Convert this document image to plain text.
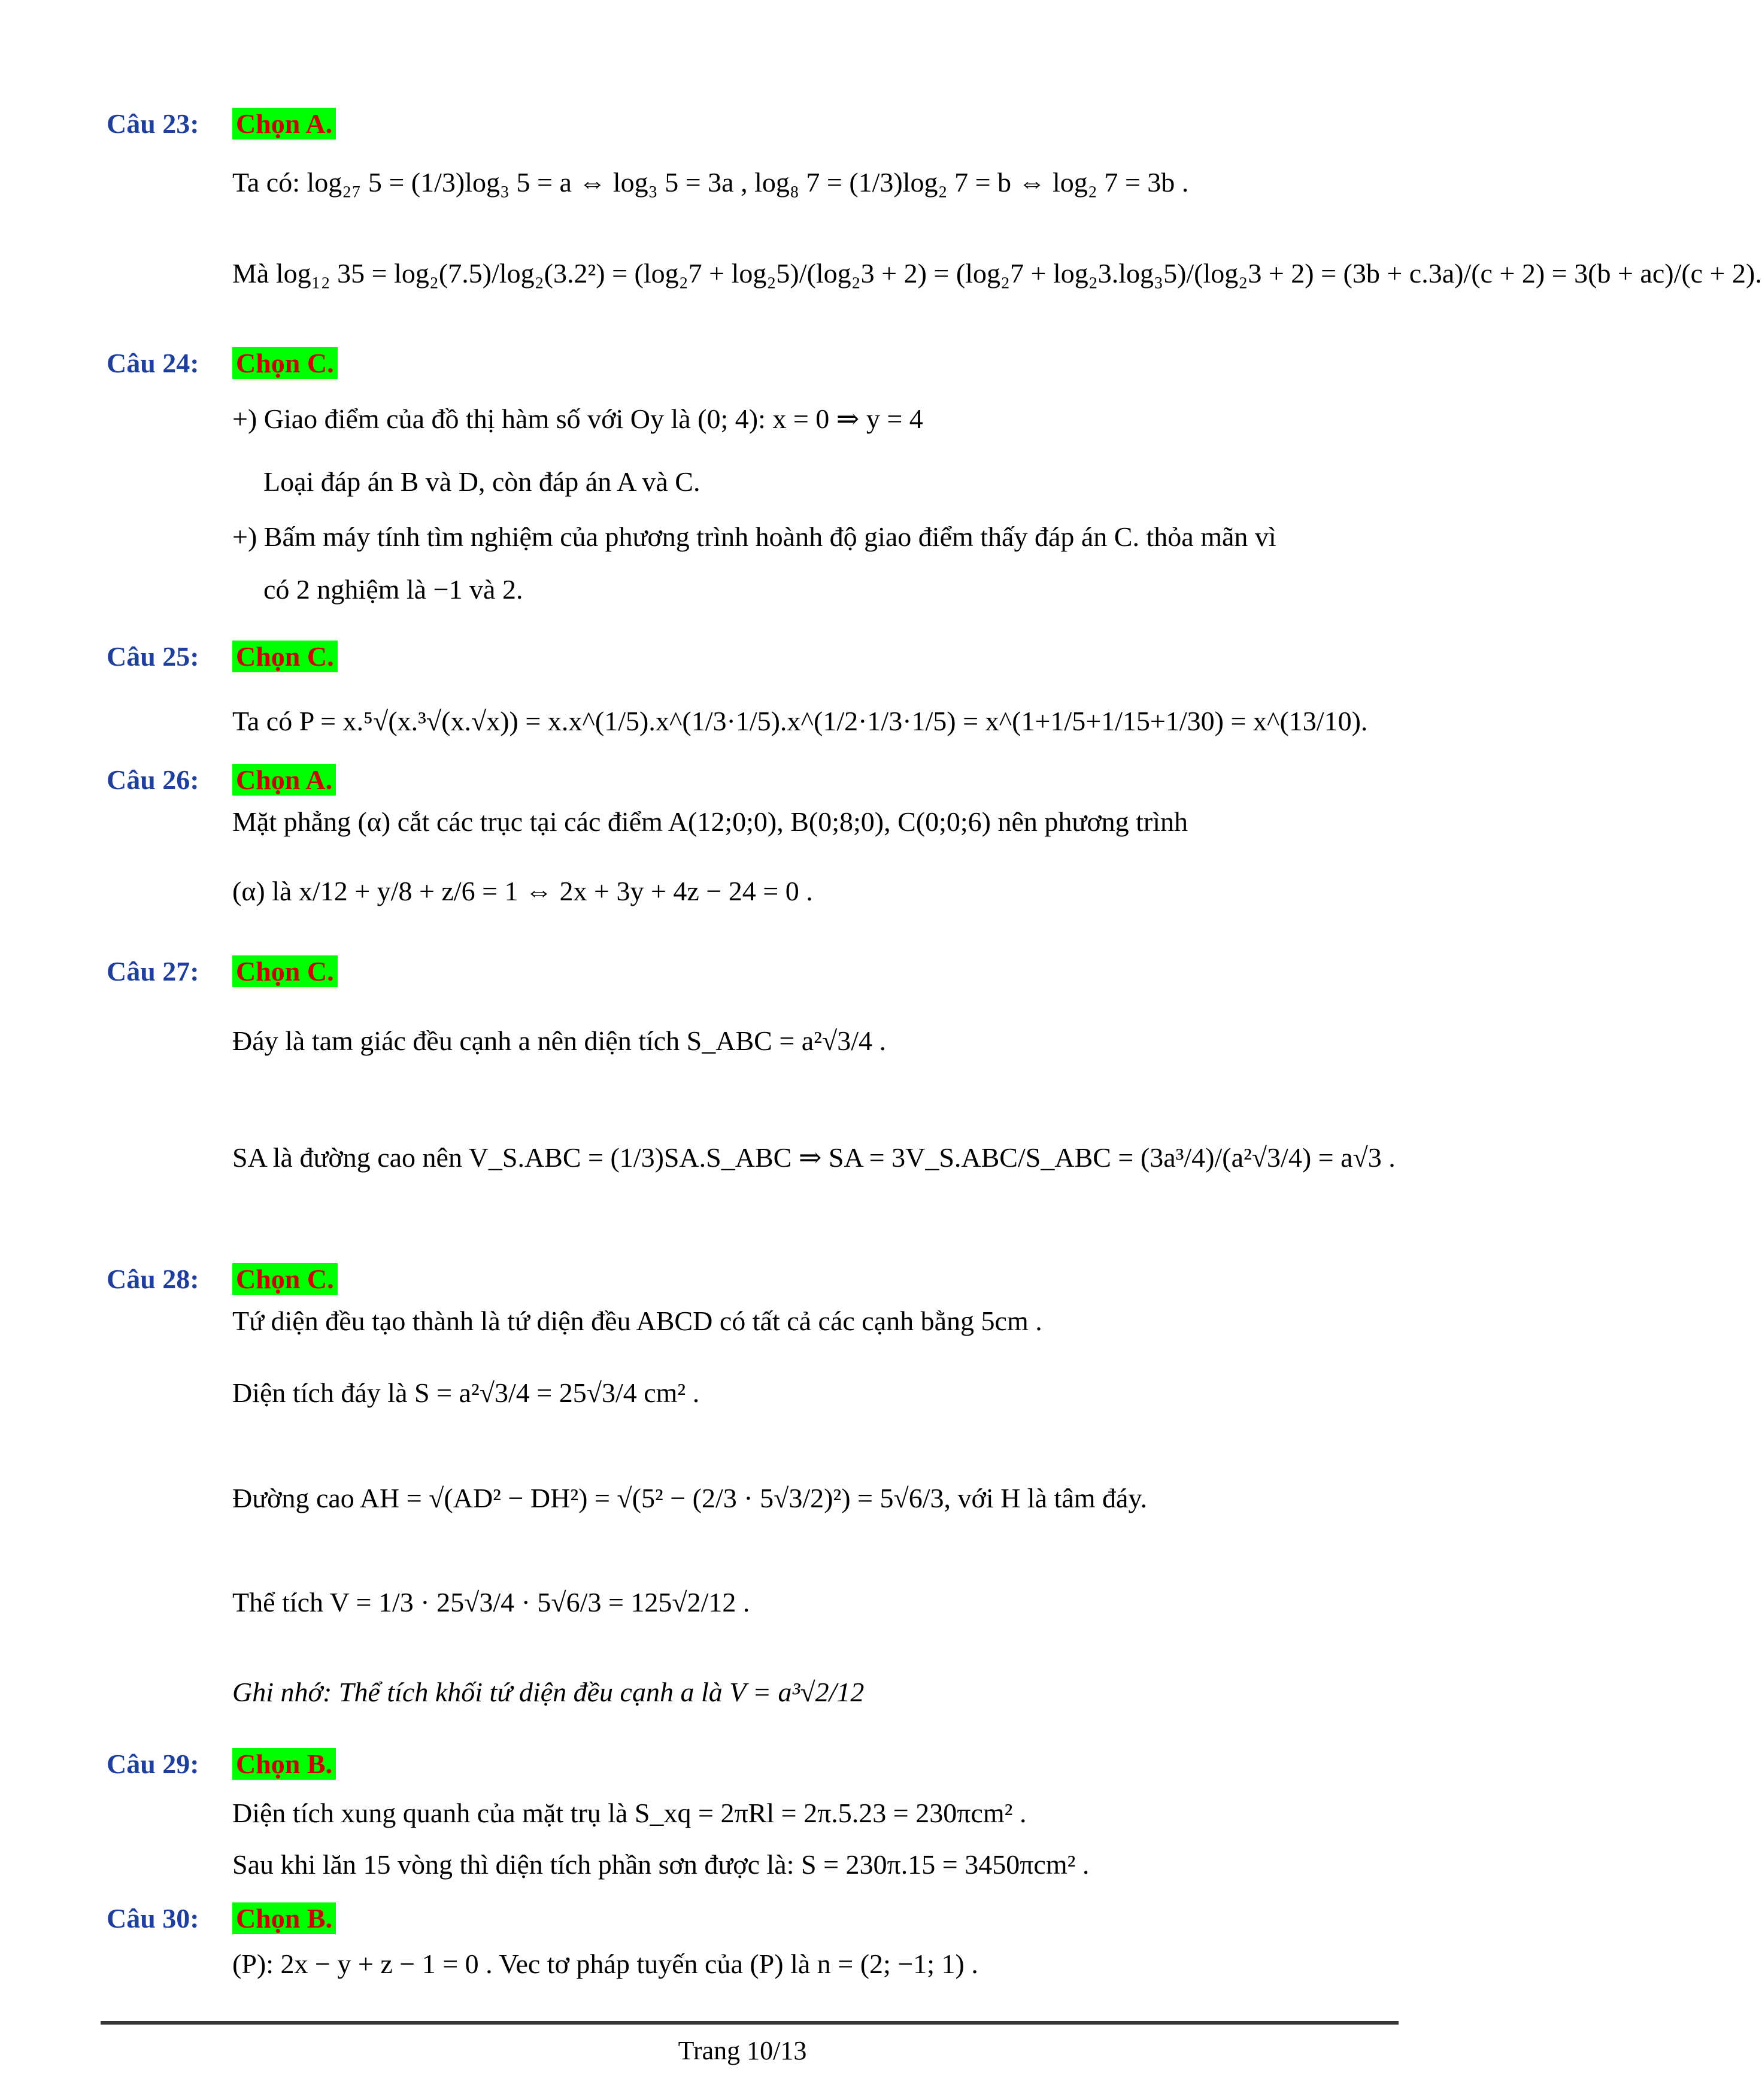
Câu 23: Chọn A.
Ta có: log₂₇ 5 = (1/3)log₃ 5 = a ⇔ log₃ 5 = 3a , log₈ 7 = (1/3)log₂ 7 = b ⇔ log₂ 7 = 3b .
Mà log₁₂ 35 = log₂(7.5)/log₂(3.2²) = (log₂7 + log₂5)/(log₂3 + 2) = (log₂7 + log₂3.log₃5)/(log₂3 + 2) = (3b + c.3a)/(c + 2) = 3(b + ac)/(c + 2).
Câu 24: Chọn C.
+) Giao điểm của đồ thị hàm số với Oy là (0; 4): x = 0 ⇒ y = 4
Loại đáp án B và D, còn đáp án A và C.
+) Bấm máy tính tìm nghiệm của phương trình hoành độ giao điểm thấy đáp án C. thỏa mãn vì
có 2 nghiệm là −1 và 2.
Câu 25: Chọn C.
Ta có P = x.⁵√(x.³√(x.√x)) = x.x^(1/5).x^(1/3·1/5).x^(1/2·1/3·1/5) = x^(1+1/5+1/15+1/30) = x^(13/10).
Câu 26: Chọn A.
Mặt phẳng (α) cắt các trục tại các điểm A(12;0;0), B(0;8;0), C(0;0;6) nên phương trình
(α) là x/12 + y/8 + z/6 = 1 ⇔ 2x + 3y + 4z − 24 = 0 .
Câu 27: Chọn C.
Đáy là tam giác đều cạnh a nên diện tích S_ABC = a²√3/4 .
SA là đường cao nên V_S.ABC = (1/3)SA.S_ABC ⇒ SA = 3V_S.ABC/S_ABC = (3a³/4)/(a²√3/4) = a√3 .
Câu 28: Chọn C.
Tứ diện đều tạo thành là tứ diện đều ABCD có tất cả các cạnh bằng 5cm .
Diện tích đáy là S = a²√3/4 = 25√3/4 cm² .
Đường cao AH = √(AD² − DH²) = √(5² − (2/3 · 5√3/2)²) = 5√6/3, với H là tâm đáy.
Thể tích V = 1/3 · 25√3/4 · 5√6/3 = 125√2/12 .
Ghi nhớ: Thể tích khối tứ diện đều cạnh a là V = a³√2/12
Câu 29: Chọn B.
Diện tích xung quanh của mặt trụ là S_xq = 2πRl = 2π.5.23 = 230πcm² .
Sau khi lăn 15 vòng thì diện tích phần sơn được là: S = 230π.15 = 3450πcm² .
Câu 30: Chọn B.
(P): 2x − y + z − 1 = 0 . Vec tơ pháp tuyến của (P) là n = (2; −1; 1) .
Trang 10/13
